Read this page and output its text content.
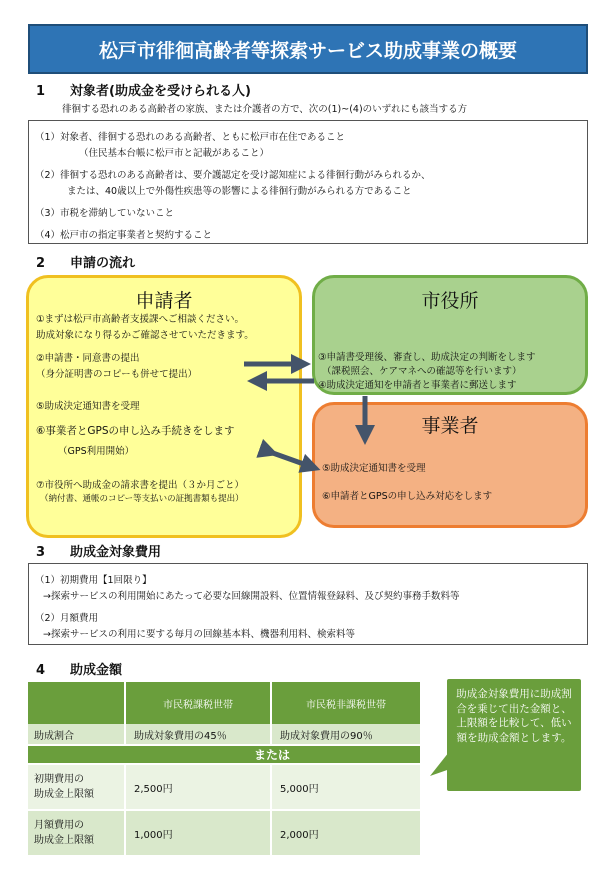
松戸市徘徊高齢者等探索サービス助成事業の概要
1 対象者(助成金を受けられる人)
徘徊する恐れのある高齢者の家族、または介護者の方で、次の(1)~(4)のいずれにも該当する方
（1）対象者、徘徊する恐れのある高齢者、ともに松戸市在住であること
（住民基本台帳に松戸市と記載があること）
（2）徘徊する恐れのある高齢者は、要介護認定を受け認知症による徘徊行動がみられるか、
または、40歳以上で外傷性疾患等の影響による徘徊行動がみられる方であること
（3）市税を滞納していないこと
（4）松戸市の指定事業者と契約すること
2 申請の流れ
申請者
①まずは松戸市高齢者支援課へご相談ください。
助成対象になり得るかご確認させていただきます。
②申請書・同意書の提出
（身分証明書のコピーも併せて提出）
⑤助成決定通知書を受理
⑥事業者とGPSの申し込み手続きをします
（GPS利用開始）
⑦市役所へ助成金の請求書を提出（３か月ごと）
（納付書、通帳のコピー等支払いの証拠書類も提出）
市役所
③申請書受理後、審査し、助成決定の判断をします
（課税照会、ケアマネへの確認等を行います）
④助成決定通知を申請者と事業者に郵送します
事業者
⑤助成決定通知書を受理
⑥申請者とGPSの申し込み対応をします
3 助成金対象費用
（1）初期費用【1回限り】
→探索サービスの利用開始にあたって必要な回線開設料、位置情報登録料、及び契約事務手数料等
（2）月額費用
→探索サービスの利用に要する毎月の回線基本料、機器利用料、検索料等
4 助成金額
	市民税課税世帯	市民税非課税世帯
助成割合	助成対象費用の45％	助成対象費用の90％
	または	

初期費用の
助成金上限額	2,500円	5,000円

月額費用の
助成金上限額	1,000円	2,000円
助成金対象費用に助成割合を乗じて出た金額と、上限額を比較して、低い額を助成金額とします。
